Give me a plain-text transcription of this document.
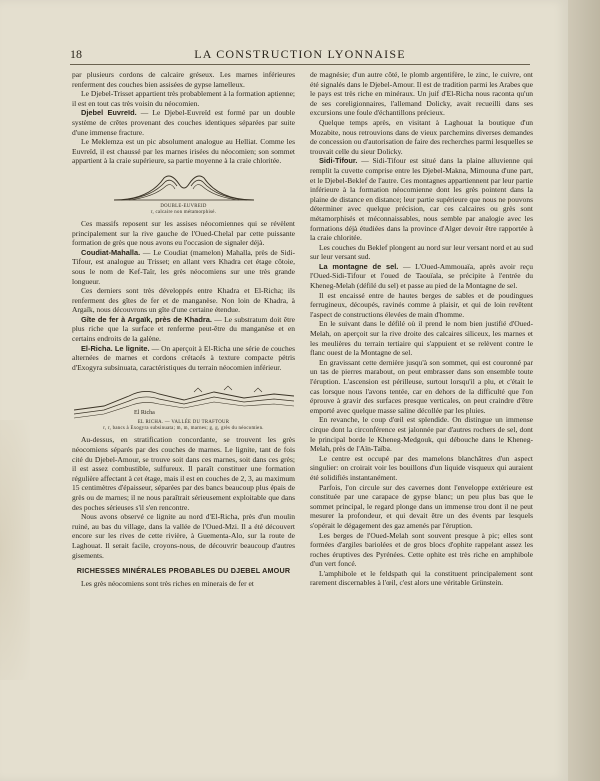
18	LA CONSTRUCTION LYONNAISE

par plusieurs cordons de calcaire gréseux. Les marnes inférieures renferment des couches bien assisées de gypse lamelleux.

Le Djebel-Trisset appartient très probablement à la formation aptienne; il est en tout cas très voisin du néocomien.

Djebel Euvreïd. — Le Djebel-Euvreïd est formé par un double système de crêtes provenant des couches identiques séparées par suite d'une immense fracture.

Le Meklemza est un pic absolument analogue au Helliat. Comme les Euvreïd, il est chaussé par les marnes irisées du néocomien; son sommet appartient à la craie supérieure, sa partie moyenne à la craie chloritée.

DOUBLE-EUVREID
r, calcaire non métamorphisé.

Ces massifs reposent sur les assises néocomiennes qui se révèlent principalement sur la rive gauche de l'Oued-Chelal par cette puissante formation de grès que nous avons eu l'occasion de signaler déjà.

Coudiat-Mahalla. — Le Coudiat (mamelon) Mahalla, près de Sidi-Tifour, est analogue au Trisset; en allant vers Khadra cet étage côtoie, sous le nom de Kef-Taïr, les grès néocomiens sur une très grande longueur.

Ces derniers sont très développés entre Khadra et El-Richa; ils renferment des gîtes de fer et de manganèse. Non loin de Khadra, à Argaïk, nous découvrons un gîte d'une certaine étendue.

Gîte de fer à Argaïk, près de Khadra. — Le substratum doit être plus riche que la surface et renferme peut-être du manganèse et en certains endroits de la galène.

El-Richa. Le lignite. — On aperçoit à El-Richa une série de couches alternées de marnes et cordons crétacés à texture compacte pétris d'Exogyra subsinuata, caractéristiques du terrain néocomien inférieur.

El Richa
EL RICHA. — VALLÉE DU TRAFTOUR
r, r, bancs à Exogyra subsinuata; m, m, marnes; g, g, grès du néocomien.

Au-dessus, en stratification concordante, se trouvent les grès néocomiens séparés par des couches de marnes. Le lignite, tant de fois cité du Djebel-Amour, se trouve soit dans ces marnes, soit dans ces grès; il est assez combustible, sulfureux. Il paraît constituer une formation régulière affectant à cet étage, mais il est en couches de 2, 3, au maximum 15 centimètres d'épaisseur, séparées par des bancs beaucoup plus épais de grès ou de marnes; il ne nous paraîtrait sérieusement exploitable que dans des poches sérieuses s'il s'en rencontre.

Nous avons observé ce lignite au nord d'El-Richa, près d'un moulin ruiné, au bas du village, dans la vallée de l'Oued-Mzi. Il a été découvert encore sur les rives de cette rivière, à Guementa-Alo, sur la route de Laghouat. Il serait facile, croyons-nous, de découvrir beaucoup d'autres gisements.

RICHESSES MINÉRALES PROBABLES DU DJEBEL AMOUR

Les grès néocomiens sont très riches en minerais de fer et

de magnésie; d'un autre côté, le plomb argentifère, le zinc, le cuivre, ont été signalés dans le Djebel-Amour. Il est de tradition parmi les Arabes que le pays est très riche en minéraux. Un juif d'El-Richa nous raconta qu'un de ses coreligionnaires, l'allemand Dolicky, avait recueilli dans ses excursions une foule d'échantillons précieux.

Quelque temps après, en visitant à Laghouat la boutique d'un Mozabite, nous retrouvions dans de vieux parchemins diverses demandes de concession ou d'autorisation de faire des recherches parmi lesquelles se trouvait celle du sieur Dolicky.

Sidi-Tifour. — Sidi-Tifour est situé dans la plaine alluvienne qui remplit la cuvette comprise entre les Djebel-Makna, Mimouna d'une part, et le Djebel-Beklef de l'autre. Ces montagnes appartiennent par leur partie inférieure à la formation néocomienne dont les grès pointent dans la plaine de distance en distance; leur partie supérieure que nous ne pouvons déterminer avec quelque précision, car ces calcaires ou grès sont métamorphisés et méconnaissables, nous semble par analogie avec les formations déjà étudiées dans la province d'Alger devoir être rapportée à la craie chloritée.

Les couches du Beklef plongent au nord sur leur versant nord et au sud sur leur versant sud.

La montagne de sel. — L'Oued-Ammouaïa, après avoir reçu l'Oued-Sidi-Tifour et l'oued de Taouïala, se précipite à l'entrée du Kheneg-Melah (défilé du sel) et passe au pied de la Montagne de sel.

Il est encaissé entre de hautes berges de sables et de poudingues ferrugineux, découpés, ravinés comme à plaisir, et qui de loin revêtent l'aspect de constructions élevées de main d'homme.

En le suivant dans le défilé où il prend le nom bien justifié d'Oued-Melah, on aperçoit sur la rive droite des calcaires siliceux, les marnes et les meulières du terrain tertiaire qui s'appuient et se relèvent contre le flanc ouest de la Montagne de sel.

En gravissant cette dernière jusqu'à son sommet, qui est couronné par un tas de pierres marabout, on peut embrasser dans son ensemble toute l'éruption. L'ascension est périlleuse, surtout lorsqu'il a plu, et c'était le cas lorsque nous l'avons tentée, car en dehors de la difficulté que l'on éprouve à gravir des surfaces presque verticales, on peut craindre d'être emporté avec quelque masse saline décollée par les pluies.

En revanche, le coup d'œil est splendide. On distingue un immense cirque dont la circonférence est jalonnée par d'autres rochers de sel, dont le principal borde le Kheneg-Medgouk, qui débouche dans le Kheneg-Melah, près de l'Aïn-Taïba.

Le centre est occupé par des mamelons blanchâtres d'un aspect singulier: on croirait voir les bouillons d'un liquide visqueux qui auraient été solidifiés instantanément.

Parfois, l'on circule sur des cavernes dont l'enveloppe extérieure est constituée par une carapace de gypse blanc; un peu plus bas que le sommet principal, le regard plonge dans un immense trou dont il ne peut mesurer la profondeur, et qui devait être un des évents par lesquels s'opérait le dégagement des gaz amenés par l'éruption.

Les berges de l'Oued-Melah sont souvent presque à pic; elles sont formées d'argiles bariolées et de gros blocs d'ophite rappelant assez les roches éruptives des Pyrénées. Cette ophite est très riche en amphibole d'un vert foncé.

L'amphibole et le feldspath qui la constituent principalement sont rarement discernables à l'œil, c'est alors une véritable Grünstein.
